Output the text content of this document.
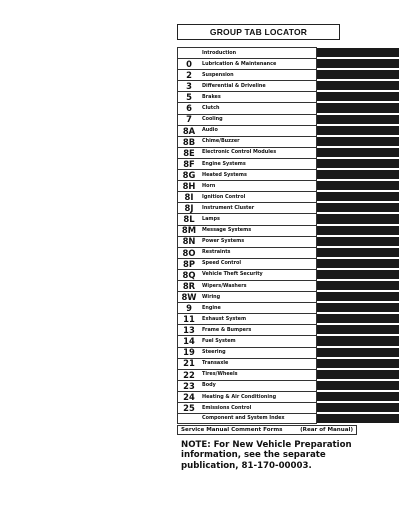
GROUP TAB LOCATOR
Introduction
0	Lubrication & Maintenance
2	Suspension
3	Differential & Driveline
5	Brakes
6	Clutch
7	Cooling
8A	Audio
8B	Chime/Buzzer
8E	Electronic Control Modules
8F	Engine Systems
8G	Heated Systems
8H	Horn
8I	Ignition Control
8J	Instrument Cluster
8L	Lamps
8M	Message Systems
8N	Power Systems
8O	Restraints
8P	Speed Control
8Q	Vehicle Theft Security
8R	Wipers/Washers
8W	Wiring
9	Engine
11	Exhaust System
13	Frame & Bumpers
14	Fuel System
19	Steering
21	Transaxle
22	Tires/Wheels
23	Body
24	Heating & Air Conditioning
25	Emissions Control
Component and System Index
Service Manual Comment Forms	(Rear of Manual)
NOTE: For New Vehicle Preparation information, see the separate publication, 81-170-00003.
